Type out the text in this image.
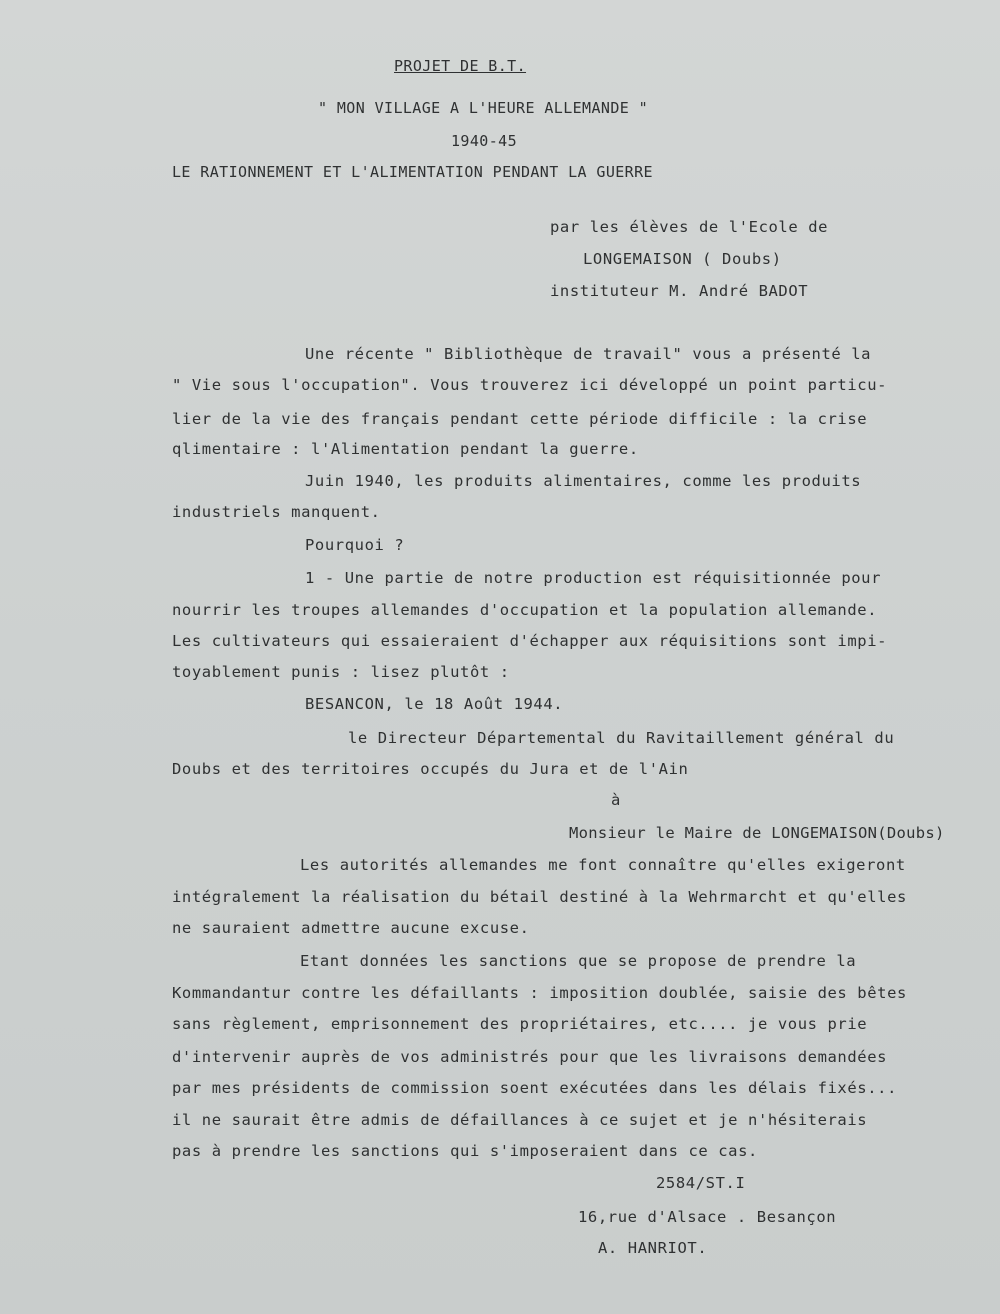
PROJET DE B.T.
" MON VILLAGE A L'HEURE ALLEMANDE "
1940-45
LE RATIONNEMENT ET L'ALIMENTATION PENDANT LA GUERRE
par les élèves de l'Ecole de
LONGEMAISON ( Doubs)
instituteur M. André BADOT
Une récente " Bibliothèque de travail" vous a présenté la
" Vie sous l'occupation". Vous trouverez ici développé un point particu-
lier de la vie des français pendant cette période difficile : la crise
qlimentaire : l'Alimentation pendant la guerre.
Juin 1940, les produits alimentaires, comme les produits
industriels manquent.
Pourquoi ?
1 - Une partie de notre production est réquisitionnée pour
nourrir les troupes allemandes d'occupation et la population allemande.
Les cultivateurs qui essaieraient d'échapper aux réquisitions sont impi-
toyablement punis : lisez plutôt :
BESANCON, le 18 Août 1944.
le Directeur Départemental du Ravitaillement général du
Doubs et des territoires occupés du Jura et de l'Ain
à
Monsieur le Maire de LONGEMAISON(Doubs)
Les autorités allemandes me font connaître qu'elles exigeront
intégralement la réalisation du bétail destiné à la Wehrmarcht et qu'elles
ne sauraient admettre aucune excuse.
Etant données les sanctions que se propose de prendre la
Kommandantur contre les défaillants : imposition doublée, saisie des bêtes
sans règlement, emprisonnement des propriétaires, etc.... je vous prie
d'intervenir auprès de vos administrés pour que les livraisons demandées
par mes présidents de commission soent exécutées dans les délais fixés...
il ne saurait être admis de défaillances à ce sujet et je n'hésiterais
pas à prendre les sanctions qui s'imposeraient dans ce cas.
2584/ST.I
16,rue d'Alsace . Besançon
A. HANRIOT.
